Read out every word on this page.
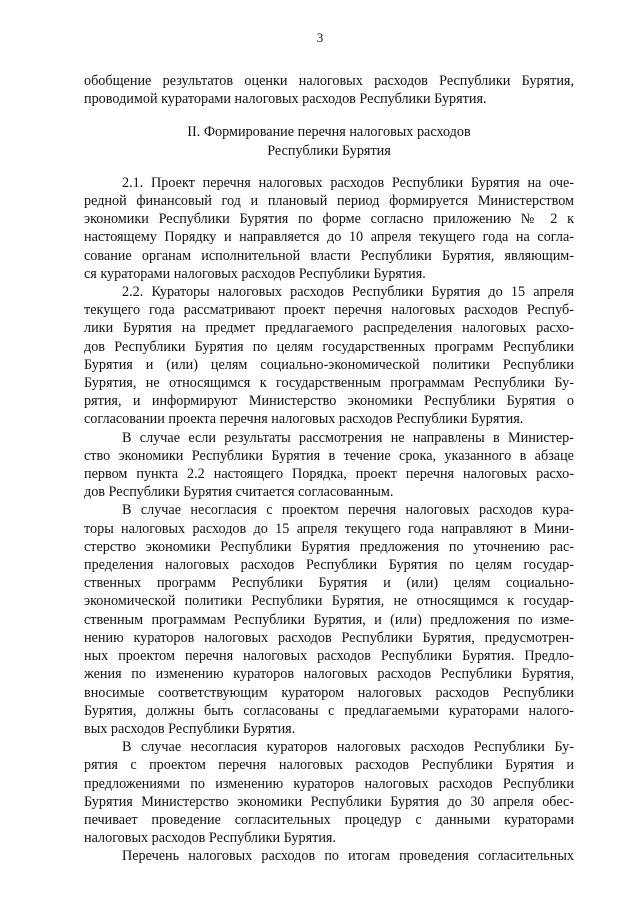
3
обобщение результатов оценки налоговых расходов Республики Бурятия,
проводимой кураторами налоговых расходов Республики Бурятия.
II. Формирование перечня налоговых расходов
Республики Бурятия
2.1. Проект перечня налоговых расходов Республики Бурятия на оче-
редной финансовый год и плановый период формируется Министерством
экономики Республики Бурятия по форме согласно приложению № 2 к
настоящему Порядку и направляется до 10 апреля текущего года на согла-
сование органам исполнительной власти Республики Бурятия, являющим-
ся кураторами налоговых расходов Республики Бурятия.
2.2. Кураторы налоговых расходов Республики Бурятия до 15 апреля
текущего года рассматривают проект перечня налоговых расходов Респуб-
лики Бурятия на предмет предлагаемого распределения налоговых расхо-
дов Республики Бурятия по целям государственных программ Республики
Бурятия и (или) целям социально-экономической политики Республики
Бурятия, не относящимся к государственным программам Республики Бу-
рятия, и информируют Министерство экономики Республики Бурятия о
согласовании проекта перечня налоговых расходов Республики Бурятия.
В случае если результаты рассмотрения не направлены в Министер-
ство экономики Республики Бурятия в течение срока, указанного в абзаце
первом пункта 2.2 настоящего Порядка, проект перечня налоговых расхо-
дов Республики Бурятия считается согласованным.
В случае несогласия с проектом перечня налоговых расходов курa-
торы налоговых расходов до 15 апреля текущего года направляют в Мини-
стерство экономики Республики Бурятия предложения по уточнению рас-
пределения налоговых расходов Республики Бурятия по целям государ-
ственных программ Республики Бурятия и (или) целям социально-
экономической политики Республики Бурятия, не относящимся к государ-
ственным программам Республики Бурятия, и (или) предложения по изме-
нению кураторов налоговых расходов Республики Бурятия, предусмотрен-
ных проектом перечня налоговых расходов Республики Бурятия. Предло-
жения по изменению кураторов налоговых расходов Республики Бурятия,
вносимые соответствующим куратором налоговых расходов Республики
Бурятия, должны быть согласованы с предлагаемыми кураторами налого-
вых расходов Республики Бурятия.
В случае несогласия кураторов налоговых расходов Республики Бу-
рятия с проектом перечня налоговых расходов Республики Бурятия и
предложениями по изменению кураторов налоговых расходов Республики
Бурятия Министерство экономики Республики Бурятия до 30 апреля обес-
печивает проведение согласительных процедур с данными кураторами
налоговых расходов Республики Бурятия.
Перечень налоговых расходов по итогам проведения согласительных
